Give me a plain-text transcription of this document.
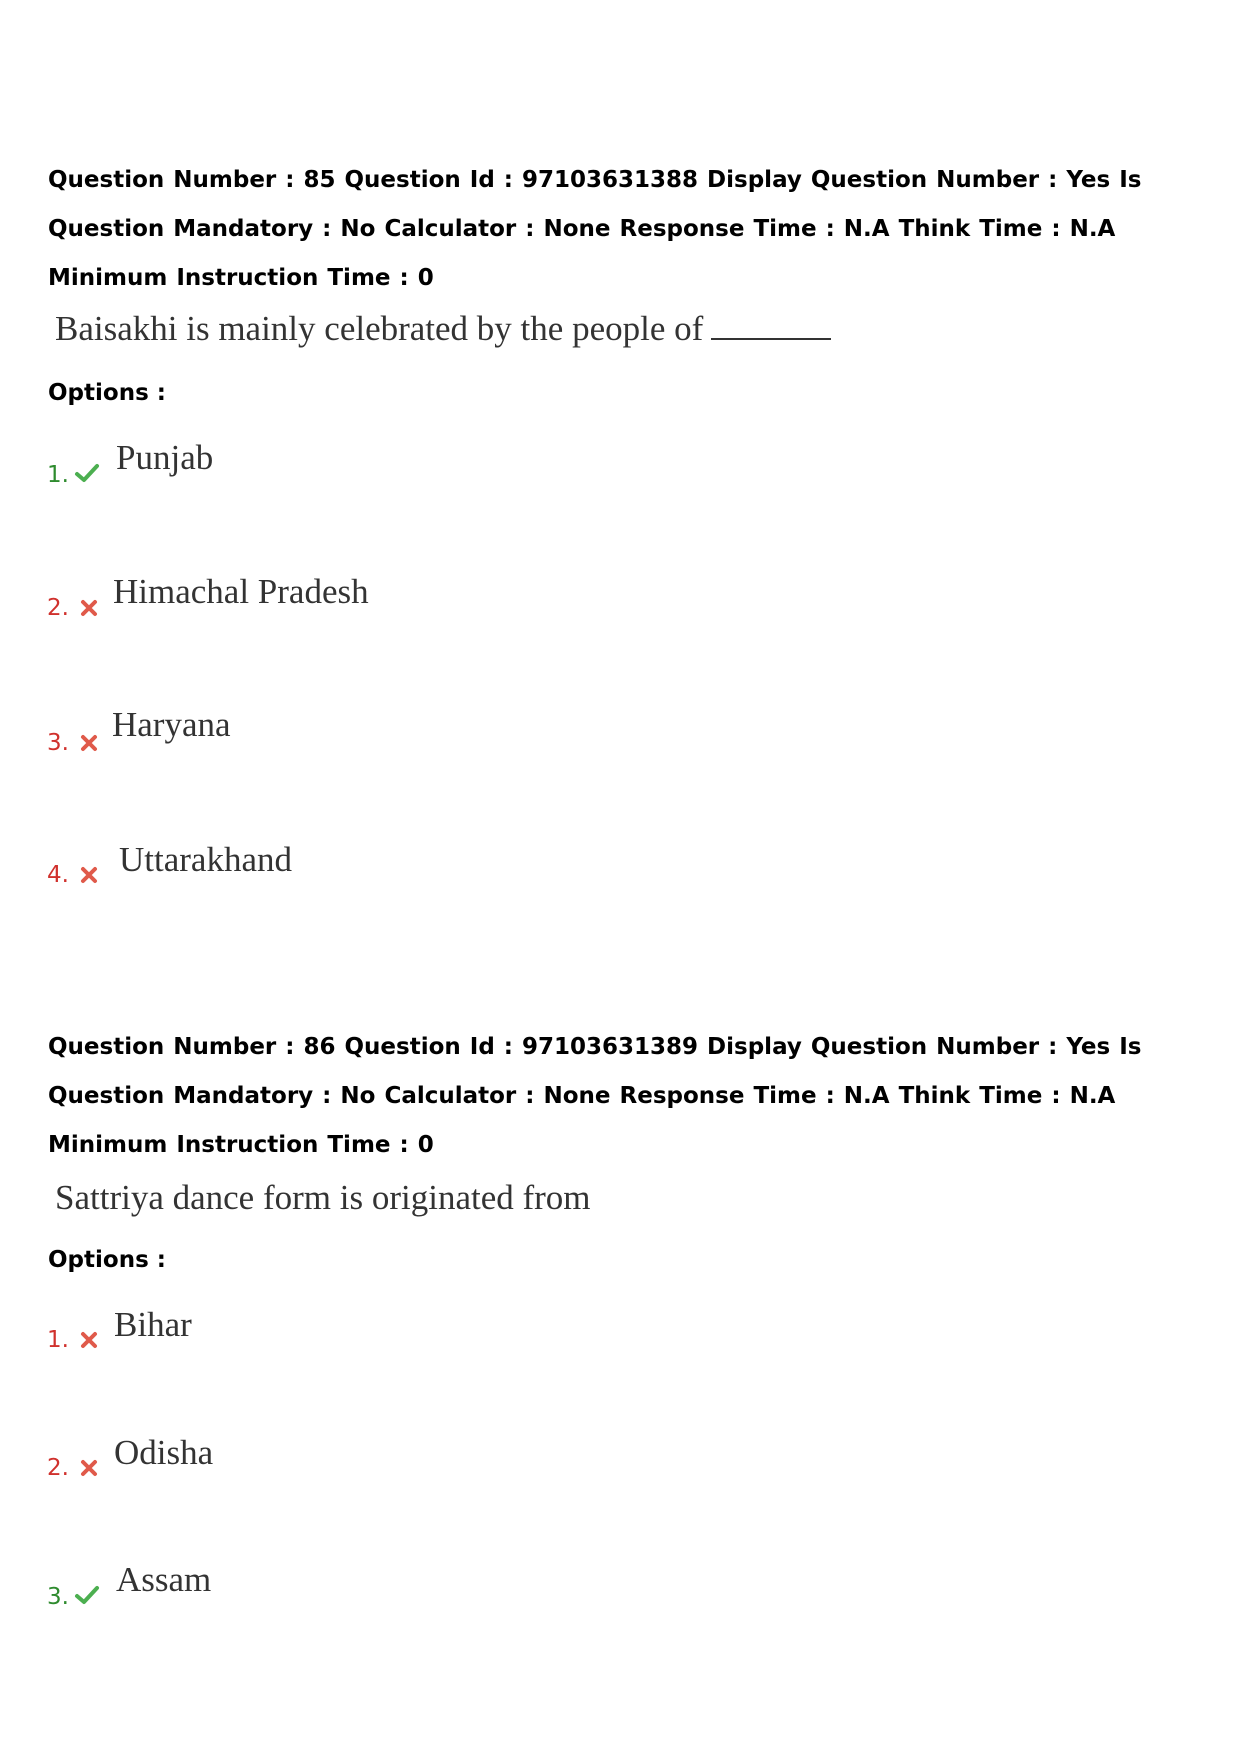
Question Number : 85 Question Id : 97103631388 Display Question Number : Yes Is Question Mandatory : No Calculator : None Response Time : N.A Think Time : N.A Minimum Instruction Time : 0
Baisakhi is mainly celebrated by the people of
Options :
1. Punjab
2. Himachal Pradesh
3. Haryana
4. Uttarakhand
Question Number : 86 Question Id : 97103631389 Display Question Number : Yes Is Question Mandatory : No Calculator : None Response Time : N.A Think Time : N.A Minimum Instruction Time : 0
Sattriya dance form is originated from
Options :
1. Bihar
2. Odisha
3. Assam
